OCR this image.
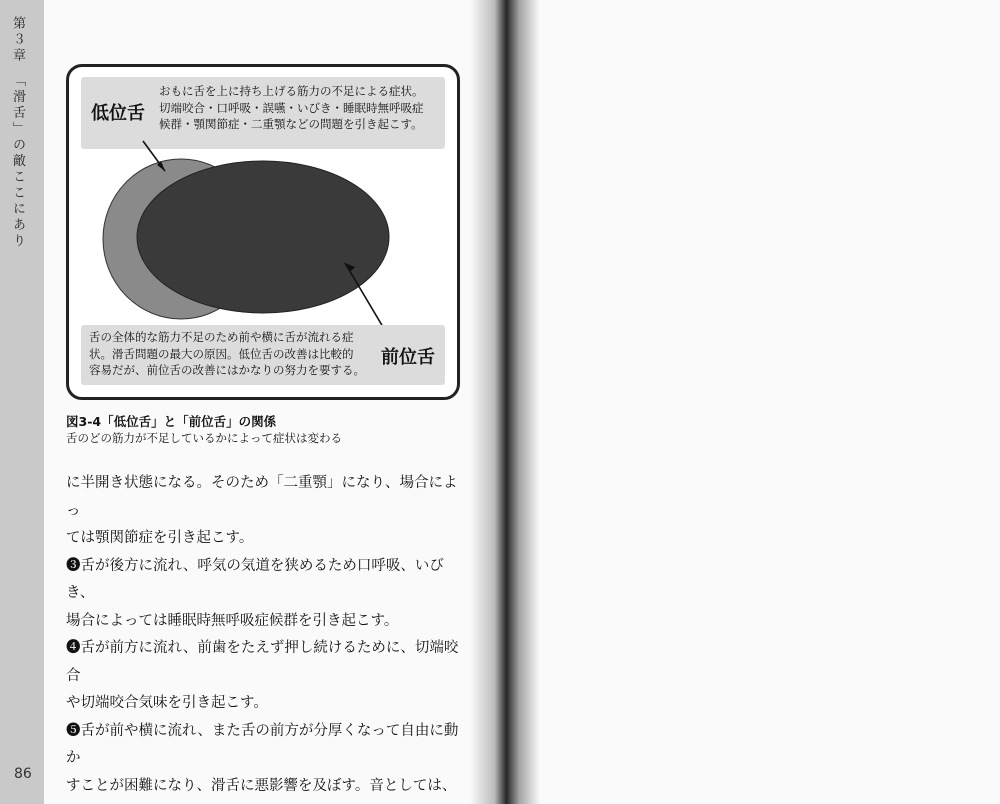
第３章　「滑舌」の敵ここにあり	低位舌
おもに舌を上に持ち上げる筋力の不足による症状。
切端咬合・口呼吸・誤嚥・いびき・睡眠時無呼吸症
候群・顎関節症・二重顎などの問題を引き起こす。
舌の全体的な筋力不足のため前や横に舌が流れる症
状。滑舌問題の最大の原因。低位舌の改善は比較的
容易だが、前位舌の改善にはかなりの努力を要する。
前位舌
図3-4「低位舌」と「前位舌」の関係
舌のどの筋力が不足しているかによって症状は変わる

に半開き状態になる。そのため「二重顎」になり、場合によっ

ては顎関節症を引き起こす。

❸舌が後方に流れ、呼気の気道を狭めるため口呼吸、いびき、

場合によっては睡眠時無呼吸症候群を引き起こす。

❹舌が前方に流れ、前歯をたえず押し続けるために、切端咬合

や切端咬合気味を引き起こす。

❺舌が前や横に流れ、また舌の前方が分厚くなって自由に動か

すことが困難になり、滑舌に悪影響を及ぼす。音としては、

86
